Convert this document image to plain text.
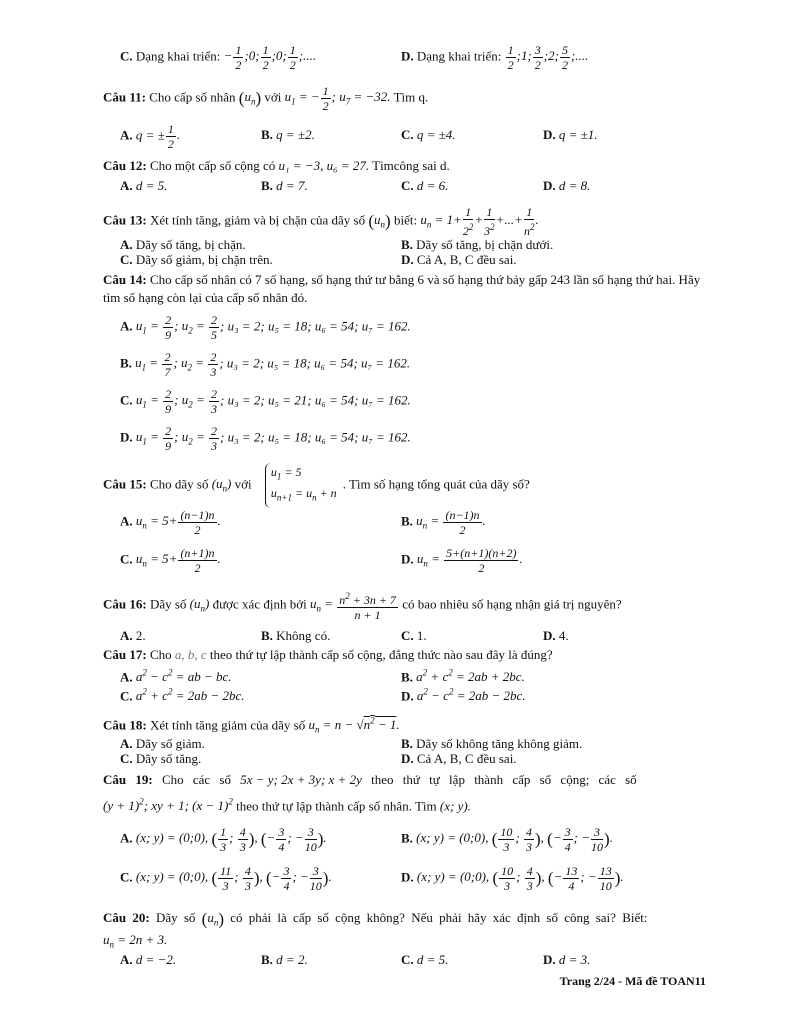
C. Dạng khai triển: − $\frac{1}{2}$ ;0; $\frac{1}{2}$ ;0; $\frac{1}{2}$ ;....	D. Dạng khai triển: $\frac{1}{2}$ ;1; $\frac{3}{2}$ ;2; $\frac{5}{2}$ ;....
Câu 11: Cho cấp số nhân $(u_n)$ với $u_1$ = − $\frac{1}{2}$ ; $u_7 = -32$. Tìm q.
A. q = ± $\frac{1}{2}$ .	B. q = ±2.	C. q = ±4.	D. q = ±1.
Câu 12: Cho một cấp số cộng có u₁ = −3, u₆ = 27. Tìmcông sai d.
A. d = 5.	B. d = 7.	C. d = 6.	D. d = 8.
Câu 13: Xét tính tăng, giảm và bị chặn của dãy số $(u_n)$ biết: $u_n = 1+ \frac{1}{2^2} + \frac{1}{3^2}$ +...+ $\frac{1}{n^2}$ .
A. Dãy số tăng, bị chặn.	B. Dãy số tăng, bị chặn dưới.
C. Dãy số giảm, bị chặn trên.	D. Cả A, B, C đều sai.
Câu 14: Cho cấp số nhân có 7 số hạng, số hạng thứ tư bằng 6 và số hạng thứ bảy gấp 243 lần số hạng thứ hai. Hãy tìm số hạng còn lại của cấp số nhân đó.
A. $u_1 = \frac{2}{9}$ ; $u_2 = \frac{2}{5}$ ; u₃ = 2; u₅ = 18; u₆ = 54; u₇ = 162.
B. $u_1 = \frac{2}{7}$ ; $u_2 = \frac{2}{3}$ ; u₃ = 2; u₅ = 18; u₆ = 54; u₇ = 162.
C. $u_1 = \frac{2}{9}$ ; $u_2 = \frac{2}{3}$ ; u₃ = 2; u₅ = 21; u₆ = 54; u₇ = 162.
D. $u_1 = \frac{2}{9}$ ; $u_2 = \frac{2}{3}$ ; u₃ = 2; u₅ = 18; u₆ = 54; u₇ = 162.
Câu 15: Cho dãy số $(u_n)$ với
$u_1 = 5$
$u_{n+1} = u_n + n$
. Tìm số hạng tổng quát của dãy số?
A. $u_n = 5+ \frac{(n-1)n}{2}$ .	B. $u_n = \frac{(n-1)n}{2}$ .
C. $u_n = 5+ \frac{(n+1)n}{2}$ .	D. $u_n = \frac{5+(n+1)(n+2)}{2}$ .
Câu 16: Dãy số $(u_n)$ được xác định bởi $u_n = \frac{n^2 + 3n + 7}{n + 1}$ có bao nhiêu số hạng nhận giá trị nguyên?
A. 2.	B. Không có.	C. 1.	D. 4.
Câu 17: Cho a, b, c theo thứ tự lập thành cấp số cộng, đẳng thức nào sau đây là đúng?
A. $a^2 - c^2$ = ab − bc.	B. $a^2 + c^2 = 2ab + 2bc$.
C. $a^2 + c^2 = 2ab - 2bc$.	D. $a^2 - c^2 = 2ab - 2bc$.
Câu 18: Xét tính tăng giảm của dãy số $u_n = n - √n^2 - 1$.
A. Dãy số giảm.	B. Dãy số không tăng không giảm.
C. Dãy số tăng.	D. Cả A, B, C đều sai.
Câu 19: Cho các số 5x − y; 2x + 3y; x + 2y theo thứ tự lập thành cấp số cộng; các số
$(y + 1)^2$; xy + 1; $(x - 1)^2$ theo thứ tự lập thành cấp số nhân. Tìm (x; y).
A. (x; y) = (0;0), ( $\frac{1}{3}$ ; $\frac{4}{3}$ ), (− $\frac{3}{4}$ ; − $\frac{3}{10}$ ).	B. (x; y) = (0;0), ( $\frac{10}{3}$ ; $\frac{4}{3}$ ), (− $\frac{3}{4}$ ; − $\frac{3}{10}$ ).
C. (x; y) = (0;0), ( $\frac{11}{3}$ ; $\frac{4}{3}$ ), (− $\frac{3}{4}$ ; − $\frac{3}{10}$ ).	D. (x; y) = (0;0), ( $\frac{10}{3}$ ; $\frac{4}{3}$ ), (− $\frac{13}{4}$ ; − $\frac{13}{10}$ ).
Câu 20: Dãy số $(u_n)$ có phải là cấp số cộng không? Nếu phải hãy xác định số công sai? Biết:
$u_n = 2n + 3$.
A. d = −2.	B. d = 2.	C. d = 5.	D. d = 3.
Trang 2/24 - Mã đề TOAN11
